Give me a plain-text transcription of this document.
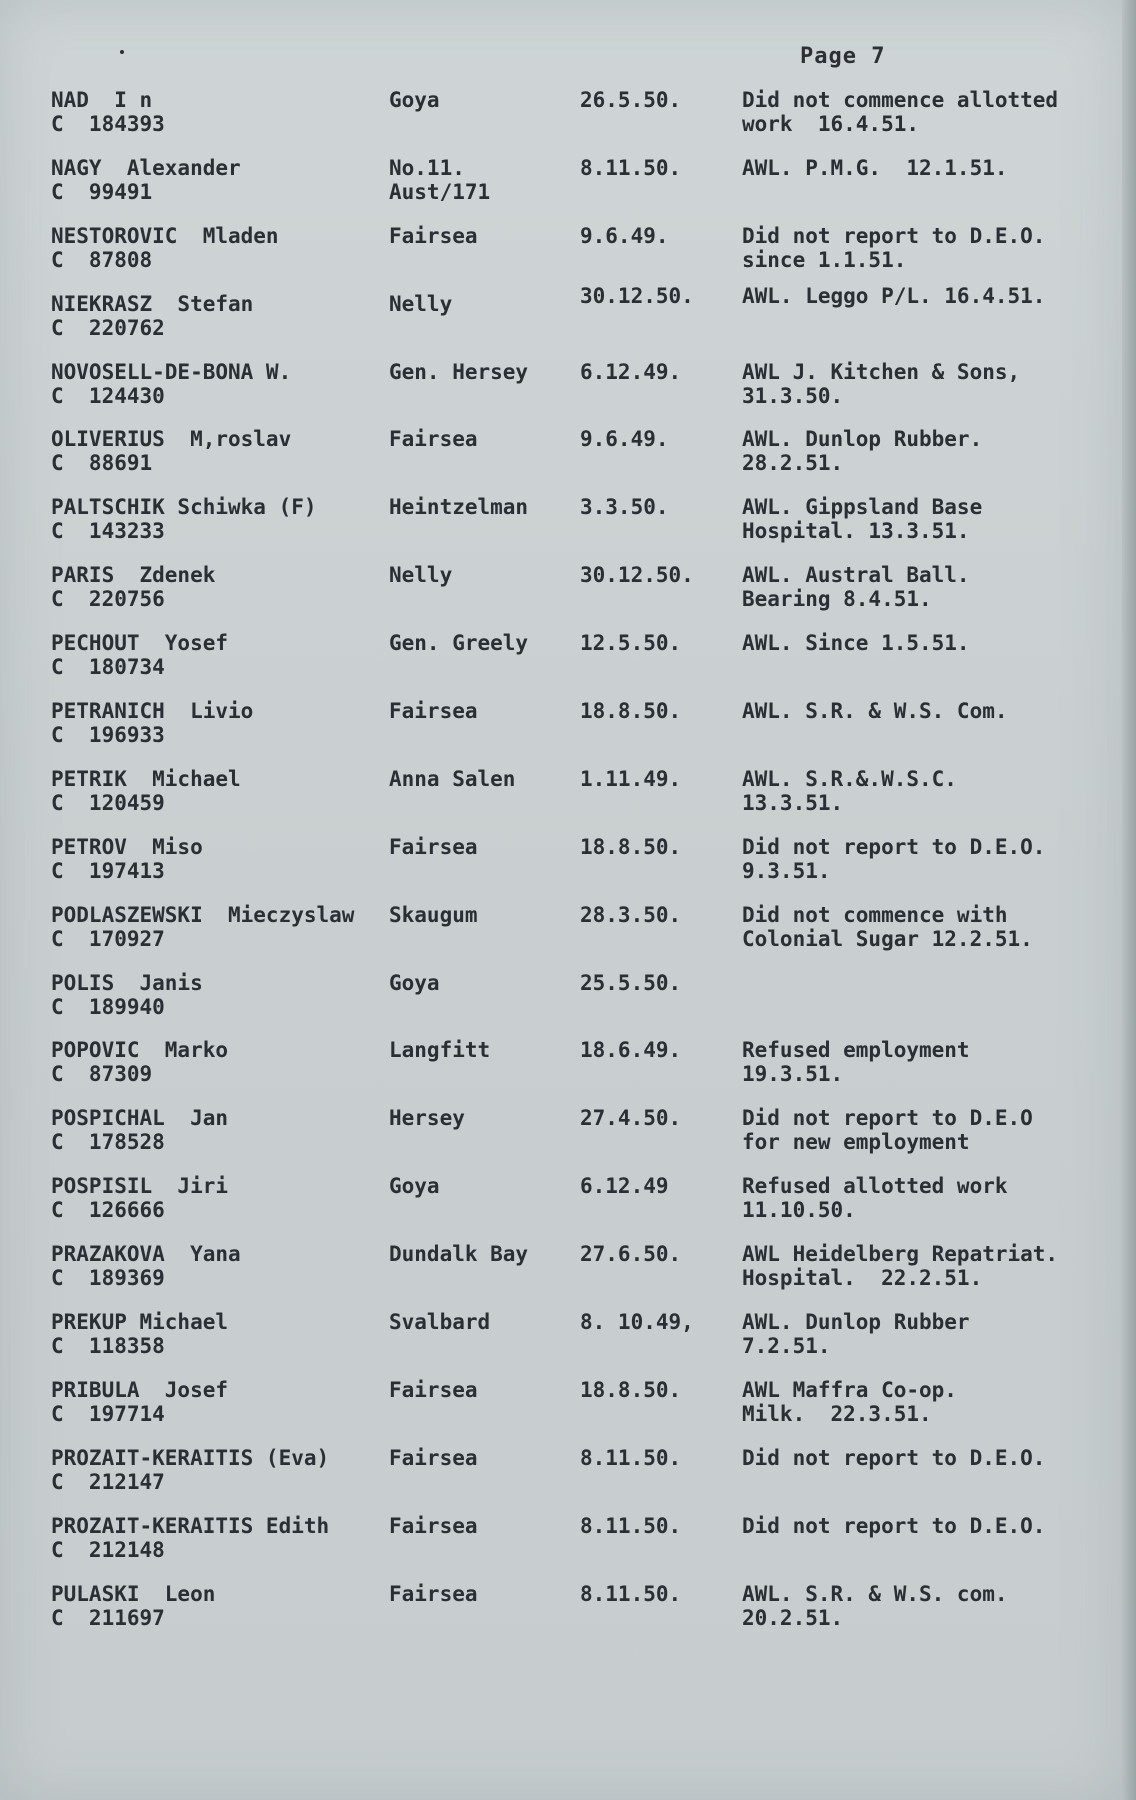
Page 7
NAD  I n
C  184393
Goya	26.5.50.	Did not commence allotted
work  16.4.51.
NAGY  Alexander
C  99491
No.11.
Aust/171
8.11.50.	AWL. P.M.G.  12.1.51.
NESTOROVIC  Mladen
C  87808
Fairsea	9.6.49.	Did not report to D.E.O.
since 1.1.51.
NIEKRASZ  Stefan
C  220762
Nelly	30.12.50. AWL. Leggo P/L. 16.4.51.
NOVOSELL-DE-BONA W.
C  124430
Gen. Hersey 6.12.49.	AWL J. Kitchen & Sons,
31.3.50.
OLIVERIUS  M,roslav
C  88691
Fairsea	9.6.49.	AWL. Dunlop Rubber.
28.2.51.
PALTSCHIK Schiwka (F)
C  143233
Heintzelman 3.3.50.	AWL. Gippsland Base
Hospital. 13.3.51.
PARIS  Zdenek
C  220756
Nelly	30.12.50. AWL. Austral Ball.
Bearing 8.4.51.
PECHOUT  Yosef
C  180734
Gen. Greely 12.5.50.	AWL. Since 1.5.51.
PETRANICH  Livio
C  196933
Fairsea	18.8.50.	AWL. S.R. & W.S. Com.
PETRIK  Michael
C  120459
Anna Salen	1.11.49.	AWL. S.R.&.W.S.C.
13.3.51.
PETROV  Miso
C  197413
Fairsea	18.8.50.	Did not report to D.E.O.
9.3.51.
PODLASZEWSKI  Mieczyslaw
C  170927
Skaugum	28.3.50.	Did not commence with
Colonial Sugar 12.2.51.
POLIS  Janis
C  189940
Goya	25.5.50.
POPOVIC  Marko
C  87309
Langfitt	18.6.49.	Refused employment
19.3.51.
POSPICHAL  Jan
C  178528
Hersey	27.4.50.	Did not report to D.E.O
for new employment
POSPISIL  Jiri
C  126666
Goya	6.12.49	Refused allotted work
11.10.50.
PRAZAKOVA  Yana
C  189369
Dundalk Bay 27.6.50.	AWL Heidelberg Repatriat.
Hospital.  22.2.51.
PREKUP Michael
C  118358
Svalbard	8. 10.49, AWL. Dunlop Rubber
7.2.51.
PRIBULA  Josef
C  197714
Fairsea	18.8.50.	AWL Maffra Co-op.
Milk.  22.3.51.
PROZAIT-KERAITIS (Eva)
C  212147
Fairsea	8.11.50.	Did not report to D.E.O.
PROZAIT-KERAITIS Edith
C  212148
Fairsea	8.11.50.	Did not report to D.E.O.
PULASKI  Leon
C  211697
Fairsea	8.11.50.	AWL. S.R. & W.S. com.
20.2.51.
